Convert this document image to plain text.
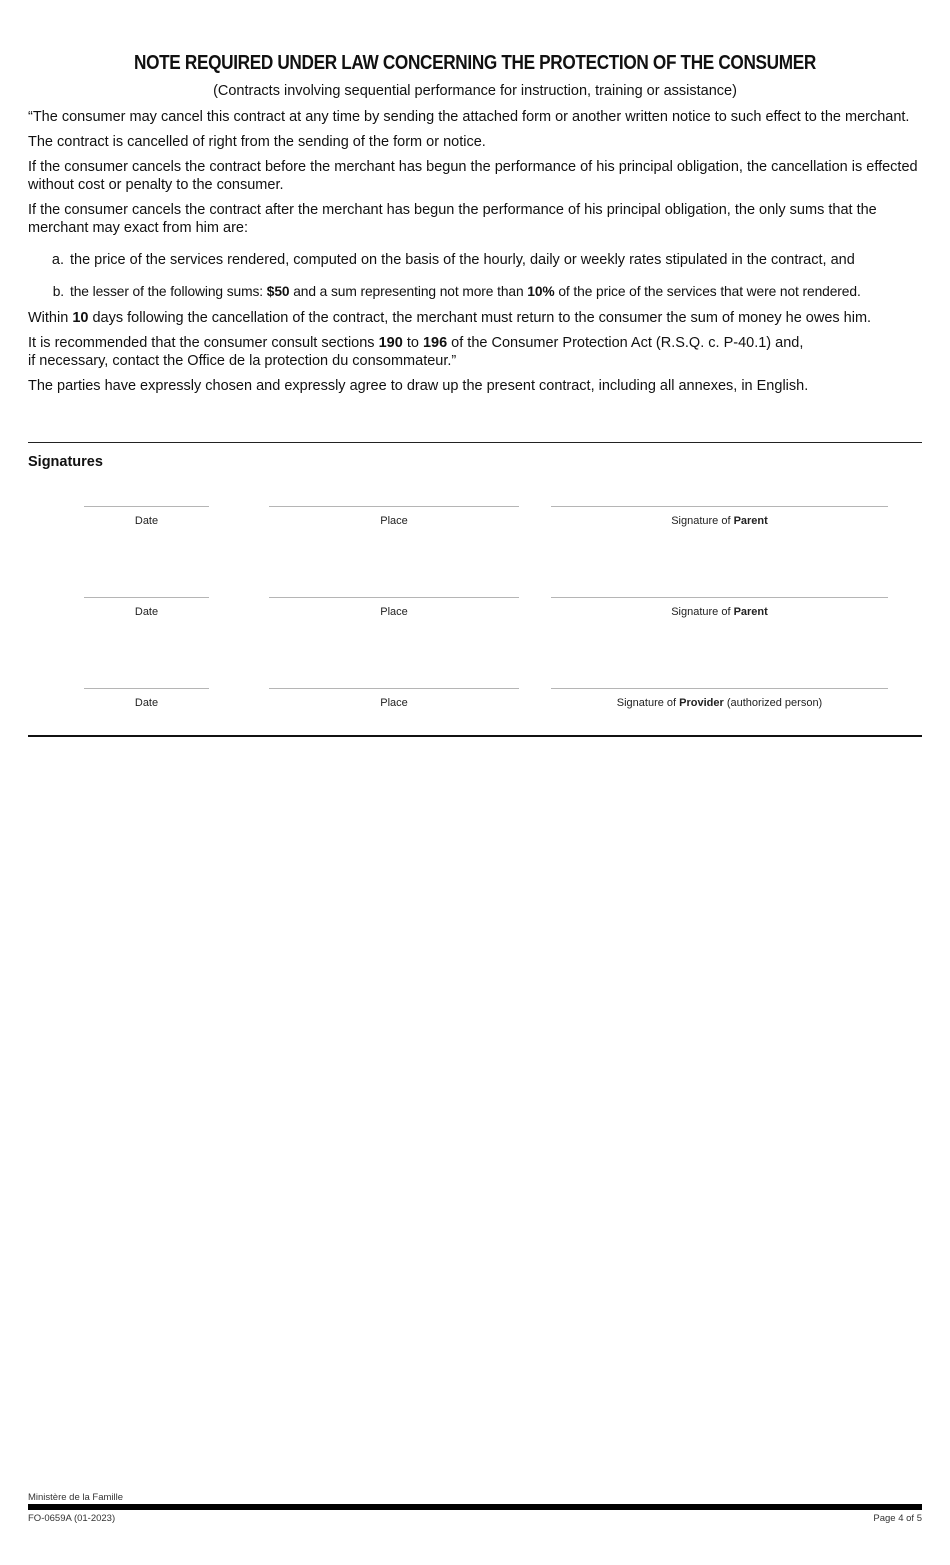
NOTE REQUIRED UNDER LAW CONCERNING THE PROTECTION OF THE CONSUMER
(Contracts involving sequential performance for instruction, training or assistance)

“The consumer may cancel this contract at any time by sending the attached form or another written notice to such effect to the merchant.

The contract is cancelled of right from the sending of the form or notice.

If the consumer cancels the contract before the merchant has begun the performance of his principal obligation, the cancellation is effected without cost or penalty to the consumer.

If the consumer cancels the contract after the merchant has begun the performance of his principal obligation, the only sums that the merchant may exact from him are:

a. the price of the services rendered, computed on the basis of the hourly, daily or weekly rates stipulated in the contract, and
b. the lesser of the following sums: $50 and a sum representing not more than 10% of the price of the services that were not rendered.

Within 10 days following the cancellation of the contract, the merchant must return to the consumer the sum of money he owes him.

It is recommended that the consumer consult sections 190 to 196 of the Consumer Protection Act (R.S.Q. c. P-40.1) and,
if necessary, contact the Office de la protection du consommateur.”

The parties have expressly chosen and expressly agree to draw up the present contract, including all annexes, in English.

Signatures
Date	Place	Signature of Parent
Date	Place	Signature of Parent
Date	Place	Signature of Provider (authorized person)
Ministère de la Famille
FO-0659A (01-2023)	Page 4 of 5
